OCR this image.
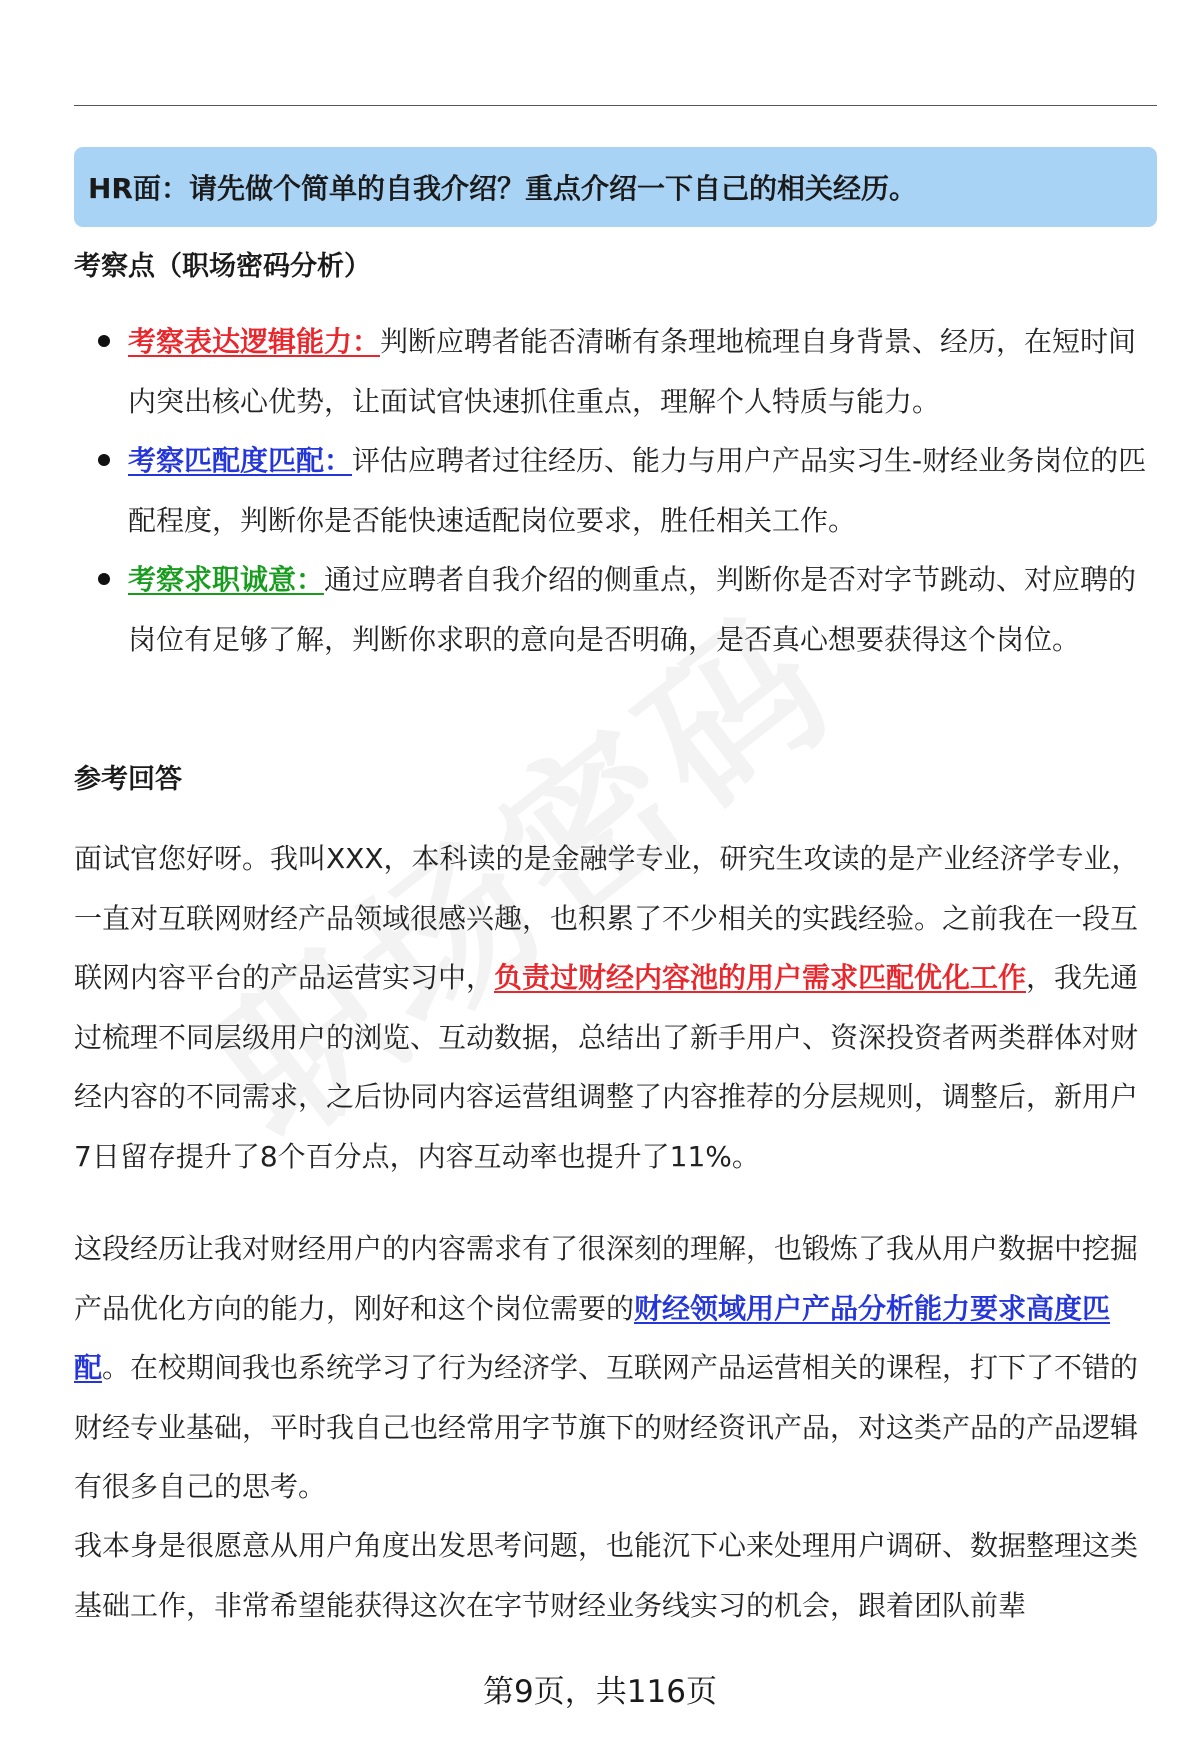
HR面：请先做个简单的自我介绍？重点介绍一下自己的相关经历。
考察点（职场密码分析）
考察表达逻辑能力：判断应聘者能否清晰有条理地梳理自身背景、经历，在短时间内突出核心优势，让面试官快速抓住重点，理解个人特质与能力。
考察匹配度匹配：评估应聘者过往经历、能力与用户产品实习生-财经业务岗位的匹配程度，判断你是否能快速适配岗位要求，胜任相关工作。
考察求职诚意：通过应聘者自我介绍的侧重点，判断你是否对字节跳动、对应聘的岗位有足够了解，判断你求职的意向是否明确，是否真心想要获得这个岗位。
参考回答

面试官您好呀。我叫XXX，本科读的是金融学专业，研究生攻读的是产业经济学专业，一直对互联网财经产品领域很感兴趣，也积累了不少相关的实践经验。之前我在一段互联网内容平台的产品运营实习中，负责过财经内容池的用户需求匹配优化工作，我先通过梳理不同层级用户的浏览、互动数据，总结出了新手用户、资深投资者两类群体对财经内容的不同需求，之后协同内容运营组调整了内容推荐的分层规则，调整后，新用户7日留存提升了8个百分点，内容互动率也提升了11%。

这段经历让我对财经用户的内容需求有了很深刻的理解，也锻炼了我从用户数据中挖掘产品优化方向的能力，刚好和这个岗位需要的财经领域用户产品分析能力要求高度匹配。在校期间我也系统学习了行为经济学、互联网产品运营相关的课程，打下了不错的财经专业基础，平时我自己也经常用字节旗下的财经资讯产品，对这类产品的产品逻辑有很多自己的思考。

我本身是很愿意从用户角度出发思考问题，也能沉下心来处理用户调研、数据整理这类基础工作，非常希望能获得这次在字节财经业务线实习的机会，跟着团队前辈

第9页，共116页
